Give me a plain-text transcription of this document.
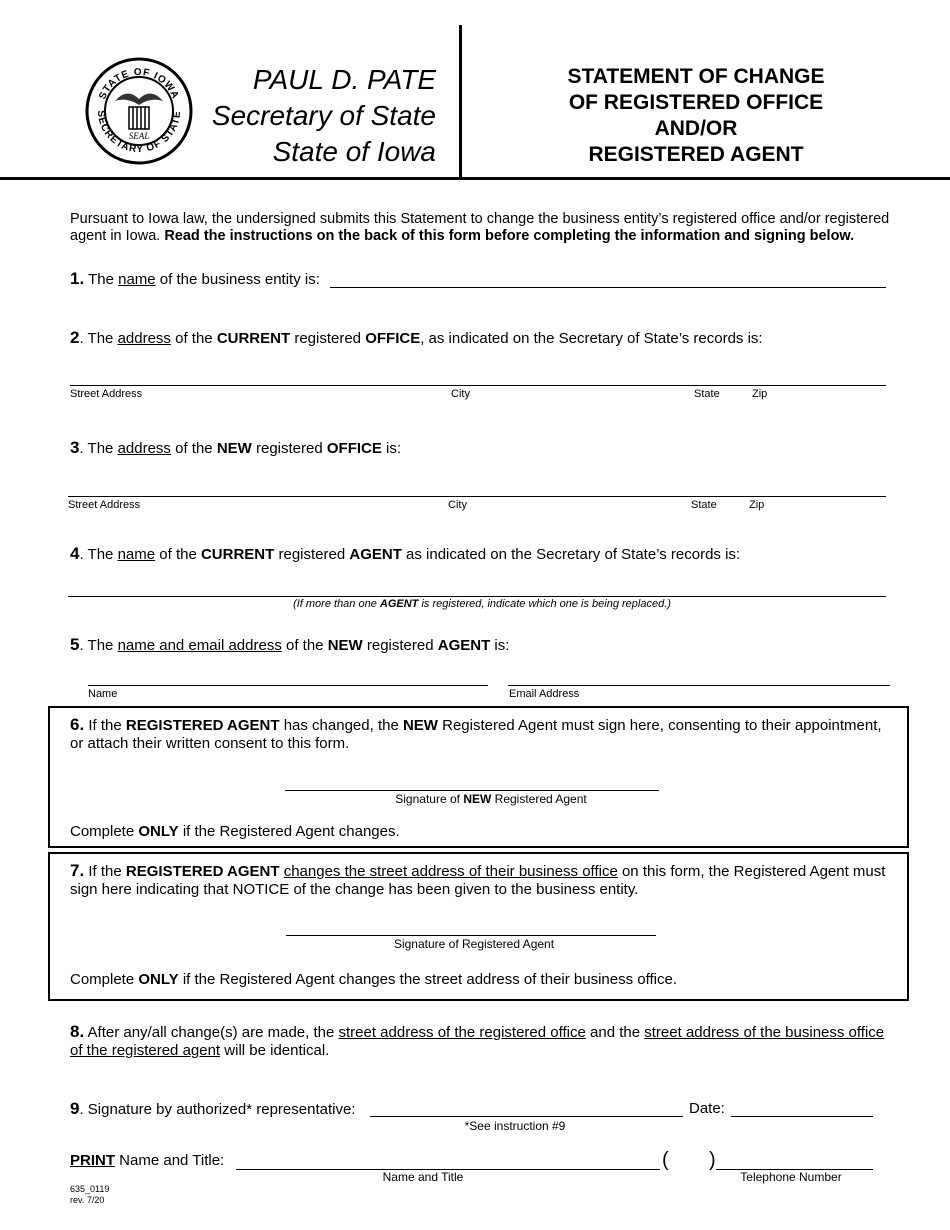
STATE OF IOWA
SECRETARY OF STATE
SEAL
PAUL D. PATE
Secretary of State
State of Iowa
STATEMENT OF CHANGE
OF REGISTERED OFFICE
AND/OR
REGISTERED AGENT
Pursuant to Iowa law, the undersigned submits this Statement to change the business entity’s registered office and/or registered agent in Iowa. Read the instructions on the back of this form before completing the information and signing below.
1. The name of the business entity is:
2. The address of the CURRENT registered OFFICE, as indicated on the Secretary of State’s records is:
Street Address	City	State	Zip
3. The address of the NEW registered OFFICE is:
Street Address	City	State	Zip
4. The name of the CURRENT registered AGENT as indicated on the Secretary of State’s records is:
(If more than one AGENT is registered, indicate which one is being replaced.)
5. The name and email address of the NEW registered AGENT is:
Name	Email Address
6. If the REGISTERED AGENT has changed, the NEW Registered Agent must sign here, consenting to their appointment, or attach their written consent to this form.
Signature of NEW Registered Agent
Complete ONLY if the Registered Agent changes.
7. If the REGISTERED AGENT changes the street address of their business office on this form, the Registered Agent must sign here indicating that NOTICE of the change has been given to the business entity.
Signature of Registered Agent
Complete ONLY if the Registered Agent changes the street address of their business office.
8. After any/all change(s) are made, the street address of the registered office and the street address of the business office of the registered agent will be identical.
9. Signature by authorized* representative:	Date:
*See instruction #9
PRINT Name and Title:	( )
Name and Title	Telephone Number
635_0119
rev. 7/20
